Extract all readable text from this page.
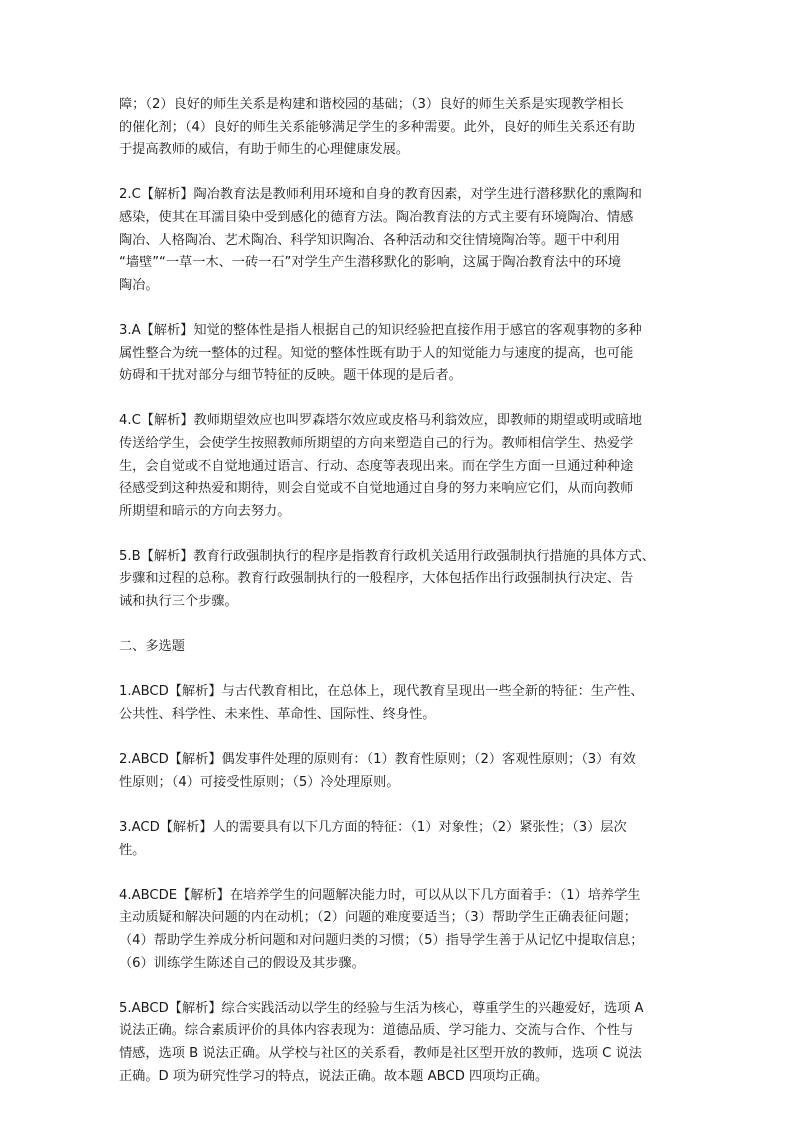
障；（2）良好的师生关系是构建和谐校园的基础；（3）良好的师生关系是实现教学相长
的催化剂；（4）良好的师生关系能够满足学生的多种需要。此外，良好的师生关系还有助
于提高教师的威信，有助于师生的心理健康发展。
2.C【解析】陶冶教育法是教师利用环境和自身的教育因素，对学生进行潜移默化的熏陶和
感染，使其在耳濡目染中受到感化的德育方法。陶冶教育法的方式主要有环境陶冶、情感
陶冶、人格陶冶、艺术陶冶、科学知识陶冶、各种活动和交往情境陶冶等。题干中利用
“墙壁”“一草一木、一砖一石”对学生产生潜移默化的影响，这属于陶冶教育法中的环境
陶冶。
3.A【解析】知觉的整体性是指人根据自己的知识经验把直接作用于感官的客观事物的多种
属性整合为统一整体的过程。知觉的整体性既有助于人的知觉能力与速度的提高，也可能
妨碍和干扰对部分与细节特征的反映。题干体现的是后者。
4.C【解析】教师期望效应也叫罗森塔尔效应或皮格马利翁效应，即教师的期望或明或暗地
传送给学生，会使学生按照教师所期望的方向来塑造自己的行为。教师相信学生、热爱学
生，会自觉或不自觉地通过语言、行动、态度等表现出来。而在学生方面一旦通过种种途
径感受到这种热爱和期待，则会自觉或不自觉地通过自身的努力来响应它们，从而向教师
所期望和暗示的方向去努力。
5.B【解析】教育行政强制执行的程序是指教育行政机关适用行政强制执行措施的具体方式、
步骤和过程的总称。教育行政强制执行的一般程序，大体包括作出行政强制执行决定、告
诫和执行三个步骤。
二、多选题
1.ABCD【解析】与古代教育相比，在总体上，现代教育呈现出一些全新的特征：生产性、
公共性、科学性、未来性、革命性、国际性、终身性。
2.ABCD【解析】偶发事件处理的原则有：（1）教育性原则；（2）客观性原则；（3）有效
性原则；（4）可接受性原则；（5）冷处理原则。
3.ACD【解析】人的需要具有以下几方面的特征：（1）对象性；（2）紧张性；（3）层次
性。
4.ABCDE【解析】在培养学生的问题解决能力时，可以从以下几方面着手：（1）培养学生
主动质疑和解决问题的内在动机；（2）问题的难度要适当；（3）帮助学生正确表征问题；
（4）帮助学生养成分析问题和对问题归类的习惯；（5）指导学生善于从记忆中提取信息；
（6）训练学生陈述自己的假设及其步骤。
5.ABCD【解析】综合实践活动以学生的经验与生活为核心，尊重学生的兴趣爱好，选项 A
说法正确。综合素质评价的具体内容表现为：道德品质、学习能力、交流与合作、个性与
情感，选项 B 说法正确。从学校与社区的关系看，教师是社区型开放的教师，选项 C 说法
正确。D 项为研究性学习的特点，说法正确。故本题 ABCD 四项均正确。
